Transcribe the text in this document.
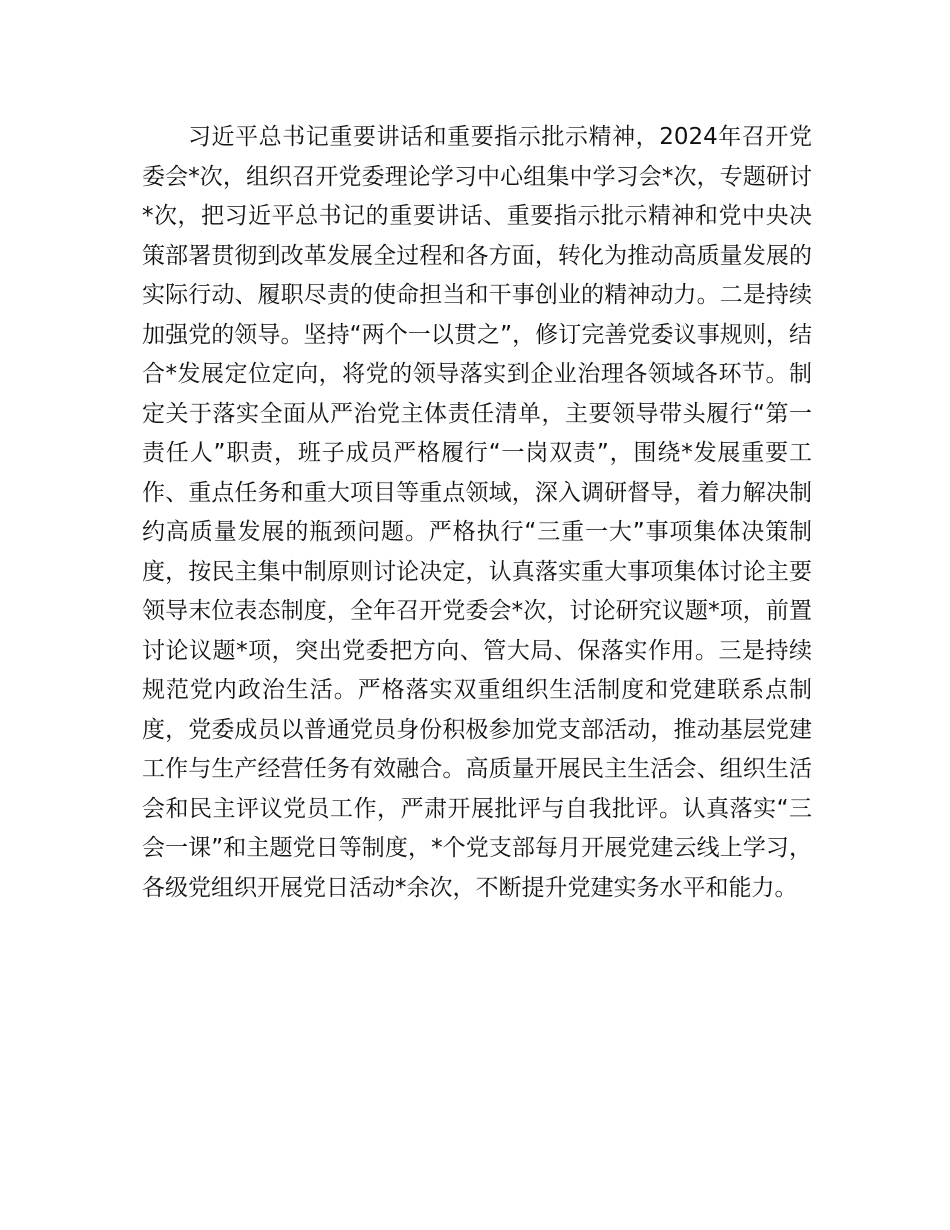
习近平总书记重要讲话和重要指示批示精神，2024年召开党委会*次，组织召开党委理论学习中心组集中学习会*次，专题研讨*次，把习近平总书记的重要讲话、重要指示批示精神和党中央决策部署贯彻到改革发展全过程和各方面，转化为推动高质量发展的实际行动、履职尽责的使命担当和干事创业的精神动力。二是持续加强党的领导。坚持“两个一以贯之”，修订完善党委议事规则，结合*发展定位定向，将党的领导落实到企业治理各领域各环节。制定关于落实全面从严治党主体责任清单，主要领导带头履行“第一责任人”职责，班子成员严格履行“一岗双责”，围绕*发展重要工作、重点任务和重大项目等重点领域，深入调研督导，着力解决制约高质量发展的瓶颈问题。严格执行“三重一大”事项集体决策制度，按民主集中制原则讨论决定，认真落实重大事项集体讨论主要领导末位表态制度，全年召开党委会*次，讨论研究议题*项，前置讨论议题*项，突出党委把方向、管大局、保落实作用。三是持续规范党内政治生活。严格落实双重组织生活制度和党建联系点制度，党委成员以普通党员身份积极参加党支部活动，推动基层党建工作与生产经营任务有效融合。高质量开展民主生活会、组织生活会和民主评议党员工作，严肃开展批评与自我批评。认真落实“三会一课”和主题党日等制度，*个党支部每月开展党建云线上学习，各级党组织开展党日活动*余次，不断提升党建实务水平和能力。
